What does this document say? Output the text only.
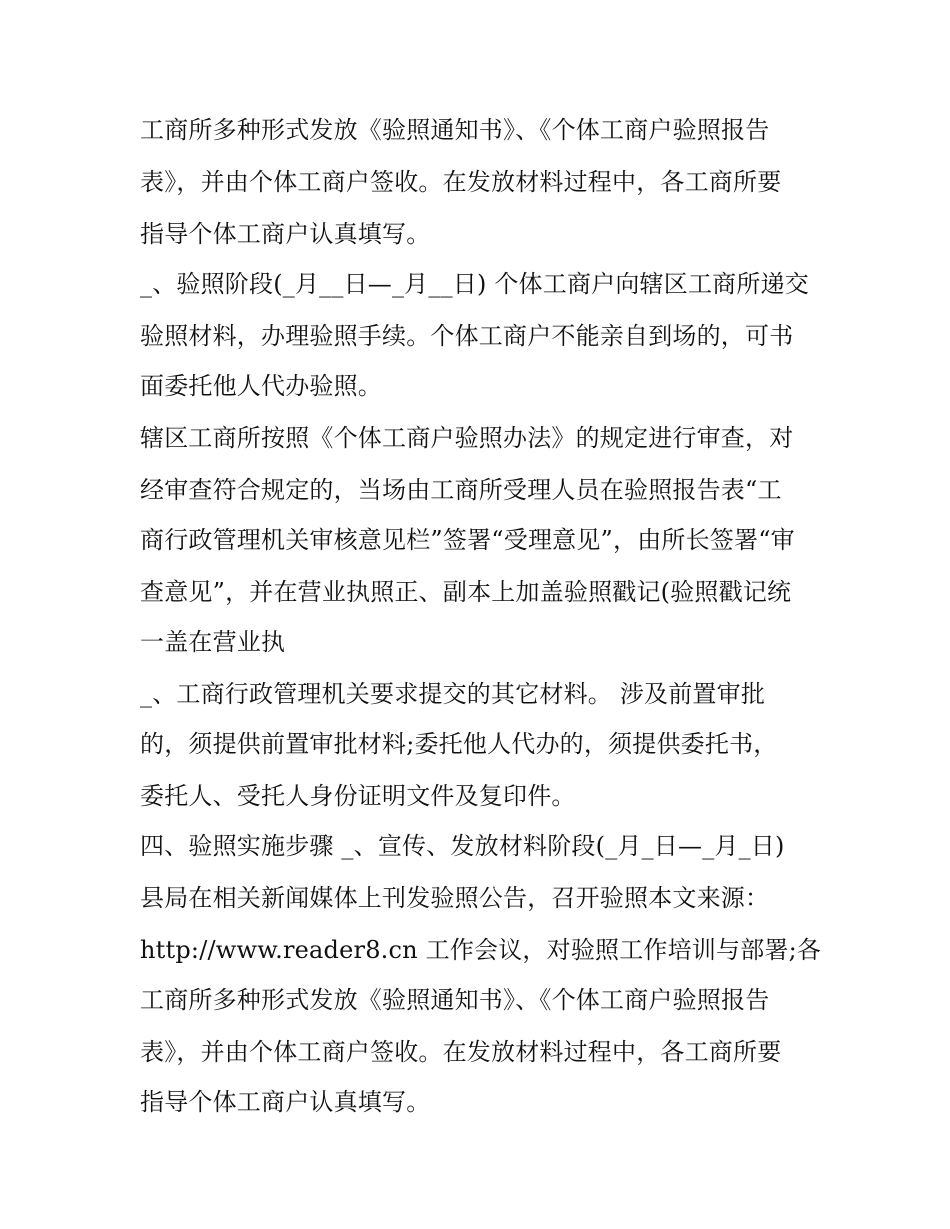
工商所多种形式发放《验照通知书》、《个体工商户验照报告
表》，并由个体工商户签收。在发放材料过程中，各工商所要
指导个体工商户认真填写。
_、验照阶段(_月__日—_月__日) 个体工商户向辖区工商所递交
验照材料，办理验照手续。个体工商户不能亲自到场的，可书
面委托他人代办验照。
辖区工商所按照《个体工商户验照办法》的规定进行审查，对
经审查符合规定的，当场由工商所受理人员在验照报告表“工
商行政管理机关审核意见栏”签署“受理意见”，由所长签署“审
查意见”，并在营业执照正、副本上加盖验照戳记(验照戳记统
一盖在营业执
_、工商行政管理机关要求提交的其它材料。 涉及前置审批
的，须提供前置审批材料;委托他人代办的，须提供委托书，
委托人、受托人身份证明文件及复印件。
四、验照实施步骤 _、宣传、发放材料阶段(_月_日—_月_日)
县局在相关新闻媒体上刊发验照公告，召开验照本文来源：
http://www.reader8.cn 工作会议，对验照工作培训与部署;各
工商所多种形式发放《验照通知书》、《个体工商户验照报告
表》，并由个体工商户签收。在发放材料过程中，各工商所要
指导个体工商户认真填写。
